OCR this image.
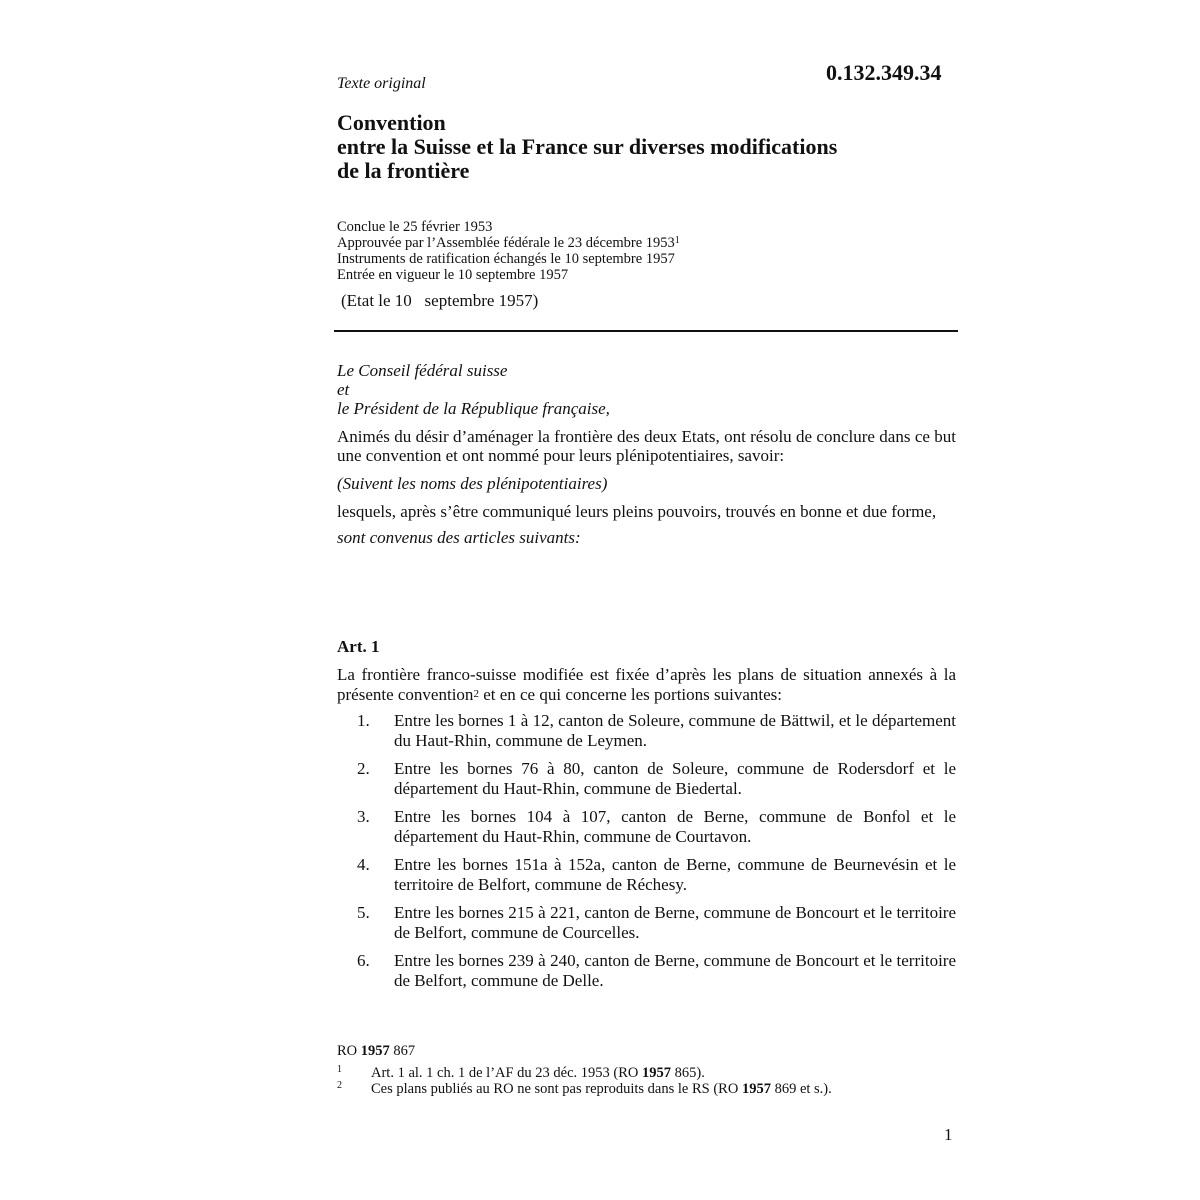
Texte original	0.132.349.34
Convention
entre la Suisse et la France sur diverses modifications
de la frontière
Conclue le 25 février 1953
Approuvée par l’Assemblée fédérale le 23 décembre 1953$^1$
Instruments de ratification échangés le 10 septembre 1957
Entrée en vigueur le 10 septembre 1957
(Etat le 10   septembre 1957)
Le Conseil fédéral suisse
et
le Président de la République française,
Animés du désir d’aménager la frontière des deux Etats, ont résolu de conclure dans ce but une convention et ont nommé pour leurs plénipotentiaires, savoir:
(Suivent les noms des plénipotentiaires)
lesquels, après s’être communiqué leurs pleins pouvoirs, trouvés en bonne et due forme,
sont convenus des articles suivants:
Art. 1
La frontière franco-suisse modifiée est fixée d’après les plans de situation annexés à la présente convention$^2$ et en ce qui concerne les portions suivantes:
1.	Entre les bornes 1 à 12, canton de Soleure, commune de Bättwil, et le département du Haut-Rhin, commune de Leymen.
2.	Entre les bornes 76 à 80, canton de Soleure, commune de Rodersdorf et le département du Haut-Rhin, commune de Biedertal.
3.	Entre les bornes 104 à 107, canton de Berne, commune de Bonfol et le département du Haut-Rhin, commune de Courtavon.
4.	Entre les bornes 151a à 152a, canton de Berne, commune de Beurnevésin et le territoire de Belfort, commune de Réchesy.
5.	Entre les bornes 215 à 221, canton de Berne, commune de Boncourt et le territoire de Belfort, commune de Courcelles.
6.	Entre les bornes 239 à 240, canton de Berne, commune de Boncourt et le territoire de Belfort, commune de Delle.
RO 1957 867
1 Art. 1 al. 1 ch. 1 de l’AF du 23 déc. 1953 (RO 1957 865).
2 Ces plans publiés au RO ne sont pas reproduits dans le RS (RO 1957 869 et s.).
1
